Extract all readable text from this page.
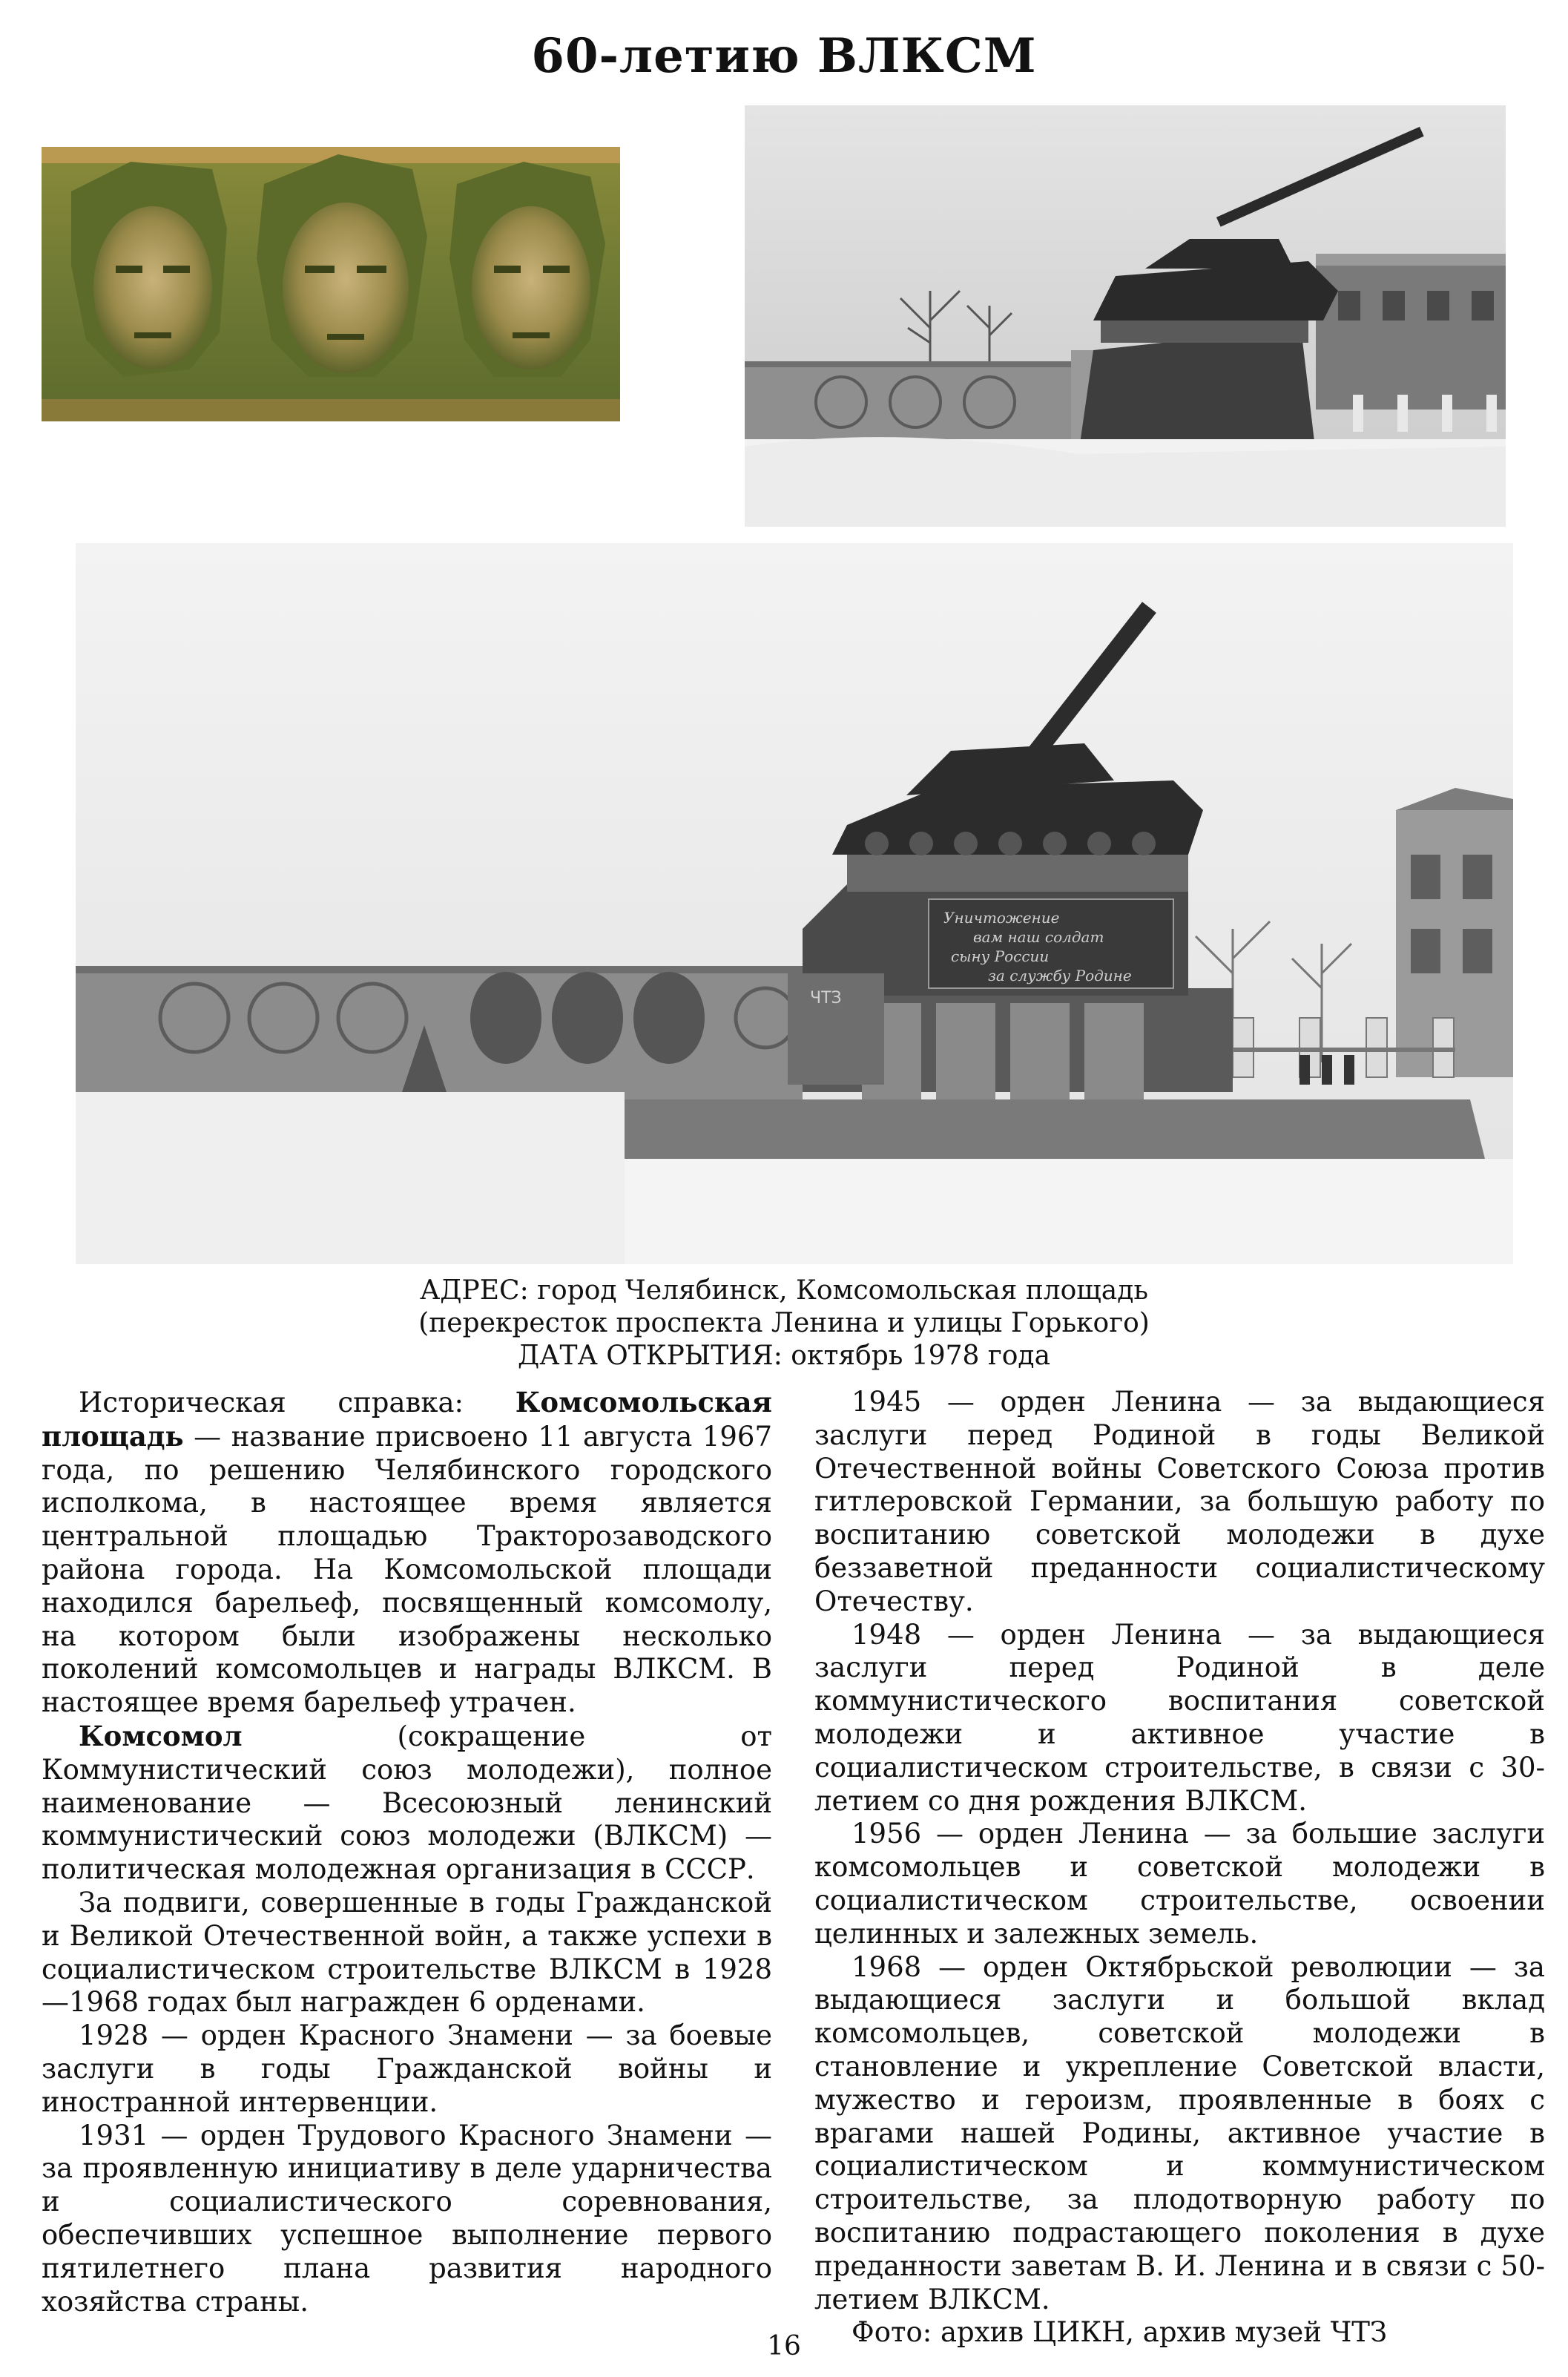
60-летию ВЛКСМ
Уничтожение
вам наш солдат
сыну России
за службу Родине
ЧТЗ
АДРЕС: город Челябинск, Комсомольская площадь
(перекресток проспекта Ленина и улицы Горького)
ДАТА ОТКРЫТИЯ: октябрь 1978 года

Историческая справка: Комсомольская площадь — название присвоено 11 августа 1967 года, по решению Челябинского городского исполкома, в настоящее время является центральной площадью Тракторозаводского района города. На Комсомольской площади находился барельеф, посвященный комсомолу, на котором были изображены несколько поколений комсомольцев и награды ВЛКСМ. В настоящее время барельеф утрачен.

Комсомол (сокращение от Коммунистический союз молодежи), полное наименование — Всесоюзный ленинский коммунистический союз молодежи (ВЛКСМ) — политическая молодежная организация в СССР.

За подвиги, совершенные в годы Гражданской и Великой Отечественной войн, а также успехи в социалистическом строительстве ВЛКСМ в 1928—1968 годах был награжден 6 орденами.

1928 — орден Красного Знамени — за боевые заслуги в годы Гражданской войны и иностранной интервенции.

1931 — орден Трудового Красного Знамени — за проявленную инициативу в деле ударничества и социалистического соревнования, обеспечивших успешное выполнение первого пятилетнего плана развития народного хозяйства страны.

1945 — орден Ленина — за выдающиеся заслуги перед Родиной в годы Великой Отечественной войны Советского Союза против гитлеровской Германии, за большую работу по воспитанию советской молодежи в духе беззаветной преданности социалистическому Отечеству.

1948 — орден Ленина — за выдающиеся заслуги перед Родиной в деле коммунистического воспитания советской молодежи и активное участие в социалистическом строительстве, в связи с 30-летием со дня рождения ВЛКСМ.

1956 — орден Ленина — за большие заслуги комсомольцев и советской молодежи в социалистическом строительстве, освоении целинных и залежных земель.

1968 — орден Октябрьской революции — за выдающиеся заслуги и большой вклад комсомольцев, советской молодежи в становление и укрепление Советской власти, мужество и героизм, проявленные в боях с врагами нашей Родины, активное участие в социалистическом и коммунистическом строительстве, за плодотворную работу по воспитанию подрастающего поколения в духе преданности заветам В. И. Ленина и в связи с 50-летием ВЛКСМ.

Фото: архив ЦИКН, архив музей ЧТЗ

16
